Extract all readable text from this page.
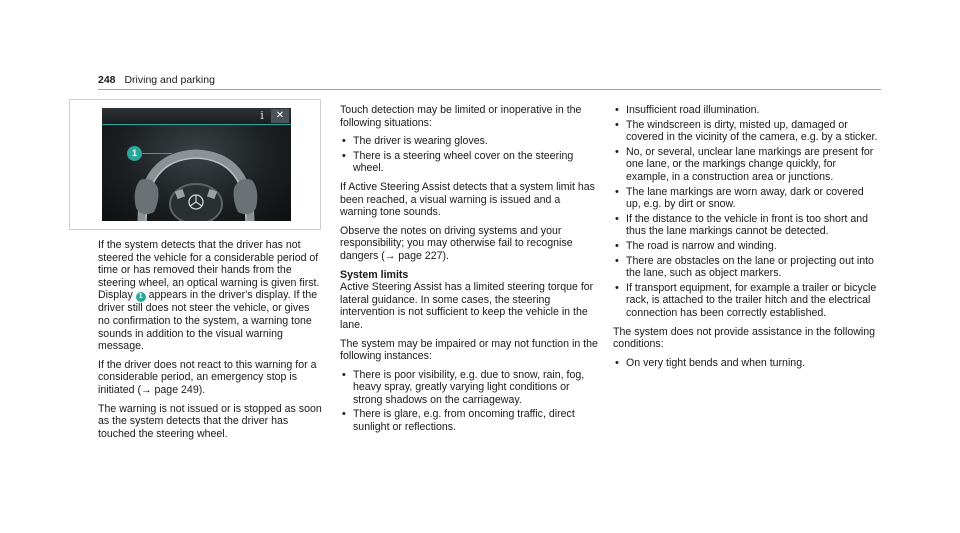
248 Driving and parking
i	✕
1

If the system detects that the driver has not steered the vehicle for a considerable period of time or has removed their hands from the steering wheel, an optical warning is given first. Display 1 appears in the driver's display. If the driver still does not steer the vehicle, or gives no confirmation to the system, a warning tone sounds in addition to the visual warning message.

If the driver does not react to this warning for a considerable period, an emergency stop is initiated (→ page 249).

The warning is not issued or is stopped as soon as the system detects that the driver has touched the steering wheel.

Touch detection may be limited or inoperative in the following situations:

• The driver is wearing gloves.
• There is a steering wheel cover on the steering wheel.

If Active Steering Assist detects that a system limit has been reached, a visual warning is issued and a warning tone sounds.

Observe the notes on driving systems and your responsibility; you may otherwise fail to recognise dangers (→ page 227).

System limits

Active Steering Assist has a limited steering torque for lateral guidance. In some cases, the steering intervention is not sufficient to keep the vehicle in the lane.

The system may be impaired or may not function in the following instances:

• There is poor visibility, e.g. due to snow, rain, fog, heavy spray, greatly varying light conditions or strong shadows on the carriageway.
• There is glare, e.g. from oncoming traffic, direct sunlight or reflections.
• Insufficient road illumination.
• The windscreen is dirty, misted up, damaged or covered in the vicinity of the camera, e.g. by a sticker.
• No, or several, unclear lane markings are present for one lane, or the markings change quickly, for example, in a construction area or junctions.
• The lane markings are worn away, dark or covered up, e.g. by dirt or snow.
• If the distance to the vehicle in front is too short and thus the lane markings cannot be detected.
• The road is narrow and winding.
• There are obstacles on the lane or projecting out into the lane, such as object markers.
• If transport equipment, for example a trailer or bicycle rack, is attached to the trailer hitch and the electrical connection has been correctly established.

The system does not provide assistance in the following conditions:

• On very tight bends and when turning.
